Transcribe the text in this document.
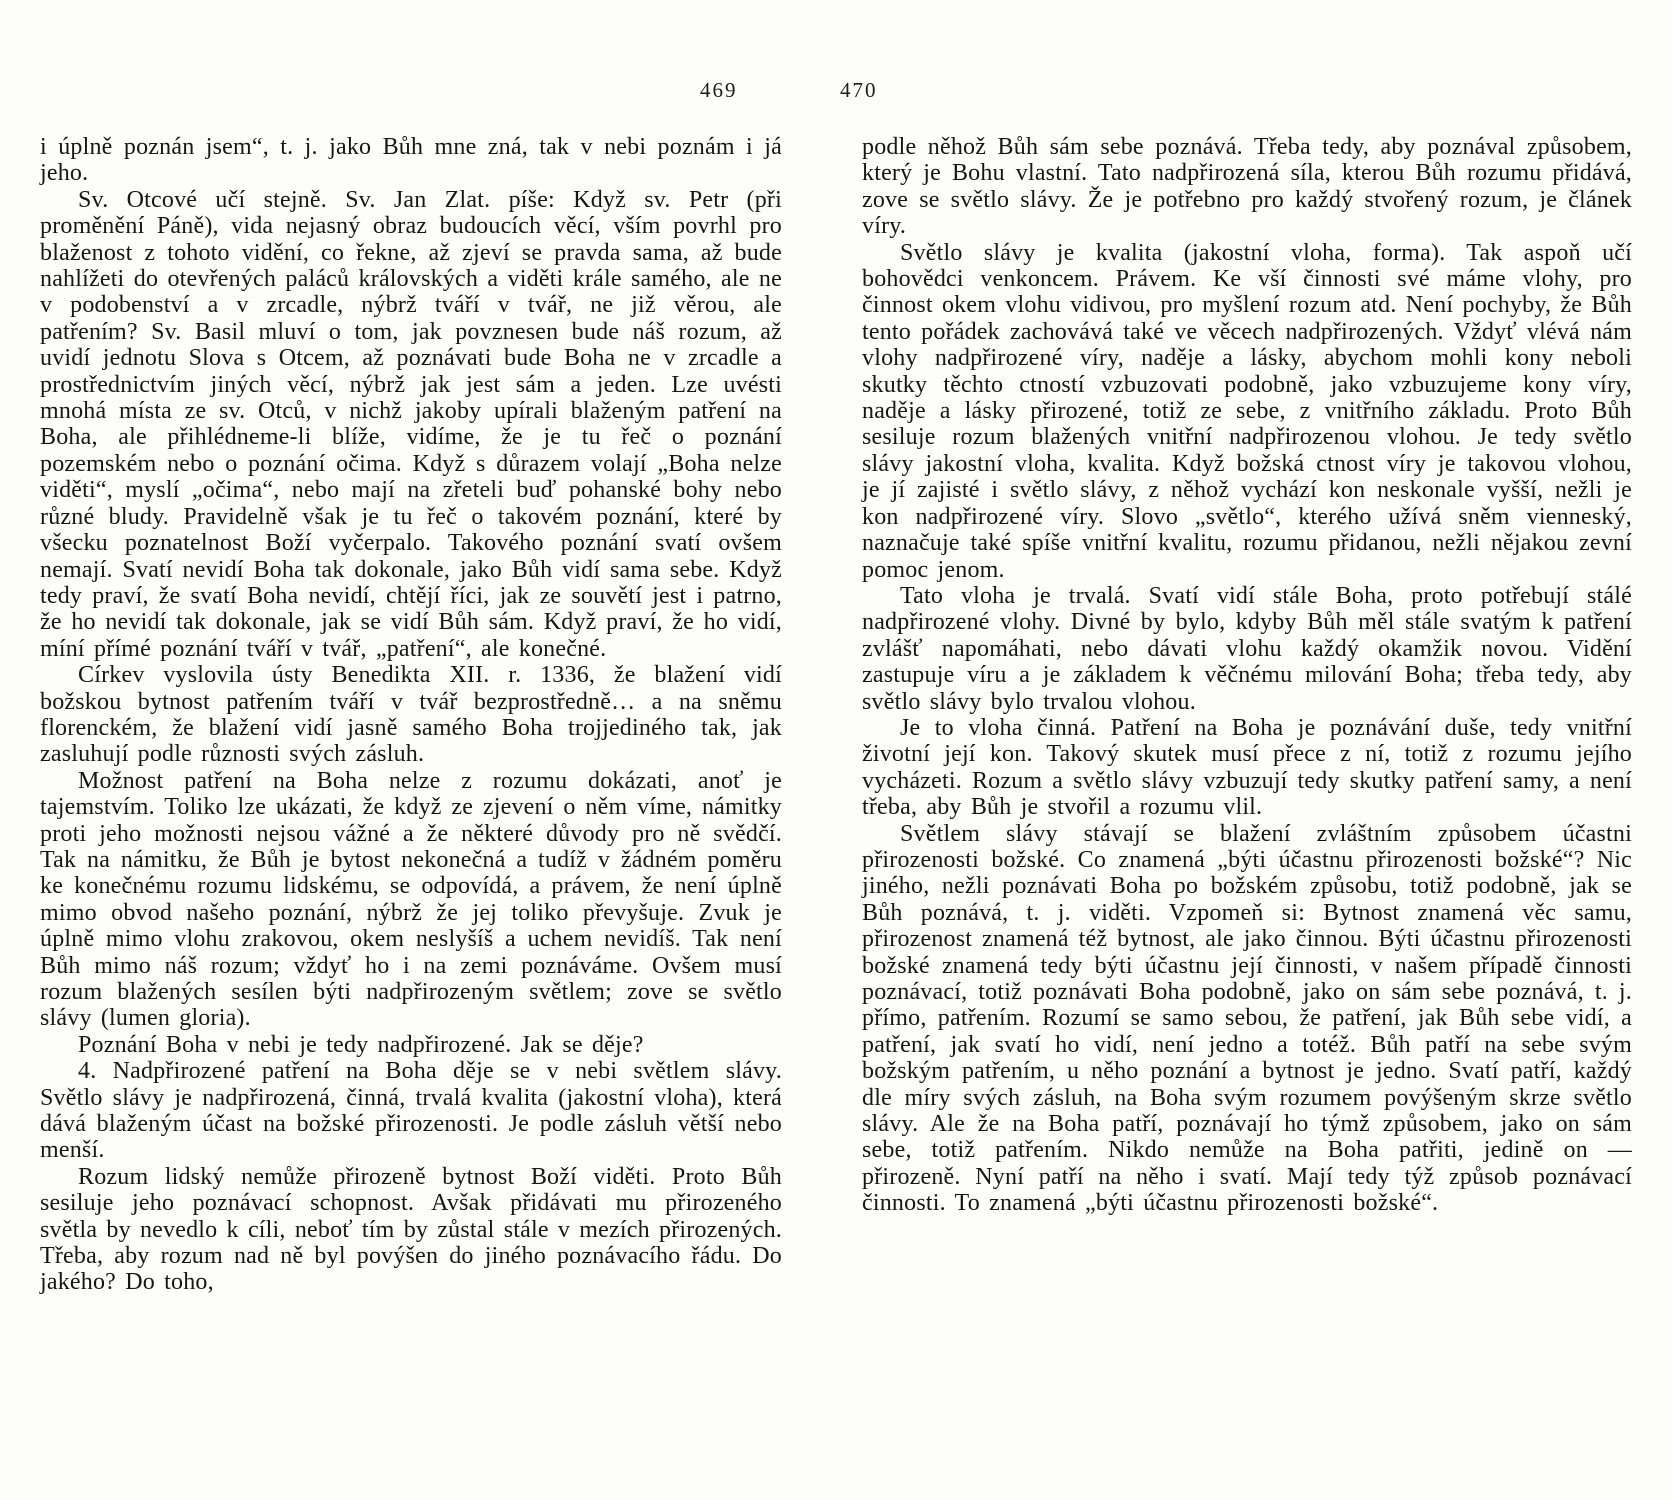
469	470

i úplně poznán jsem“, t. j. jako Bůh mne zná, tak v nebi poznám i já jeho.

Sv. Otcové učí stejně. Sv. Jan Zlat. píše: Když sv. Petr (při proměnění Páně), vida nejasný obraz budoucích věcí, vším povrhl pro blaženost z tohoto vidění, co řekne, až zjeví se pravda sama, až bude nahlížeti do otevřených paláců královských a viděti krále samého, ale ne v podobenství a v zrcadle, nýbrž tváří v tvář, ne již věrou, ale patřením? Sv. Basil mluví o tom, jak povznesen bude náš rozum, až uvidí jednotu Slova s Otcem, až poznávati bude Boha ne v zrcadle a prostřednictvím jiných věcí, nýbrž jak jest sám a jeden. Lze uvésti mnohá místa ze sv. Otců, v nichž jakoby upírali blaženým patření na Boha, ale přihlédneme-li blíže, vidíme, že je tu řeč o poznání pozemském nebo o poznání očima. Když s důrazem volají „Boha nelze viděti“, myslí „očima“, nebo mají na zřeteli buď pohanské bohy nebo různé bludy. Pravidelně však je tu řeč o takovém poznání, které by všecku poznatelnost Boží vyčerpalo. Takového poznání svatí ovšem nemají. Svatí nevidí Boha tak dokonale, jako Bůh vidí sama sebe. Když tedy praví, že svatí Boha nevidí, chtějí říci, jak ze souvětí jest i patrno, že ho nevidí tak dokonale, jak se vidí Bůh sám. Když praví, že ho vidí, míní přímé poznání tváří v tvář, „patření“, ale konečné.

Církev vyslovila ústy Benedikta XII. r. 1336, že blažení vidí božskou bytnost patřením tváří v tvář bezprostředně… a na sněmu florenckém, že blažení vidí jasně samého Boha trojjediného tak, jak zasluhují podle různosti svých zásluh.

Možnost patření na Boha nelze z rozumu dokázati, anoť je tajemstvím. Toliko lze ukázati, že když ze zjevení o něm víme, námitky proti jeho možnosti nejsou vážné a že některé důvody pro ně svědčí. Tak na námitku, že Bůh je bytost nekonečná a tudíž v žádném poměru ke konečnému rozumu lidskému, se odpovídá, a právem, že není úplně mimo obvod našeho poznání, nýbrž že jej toliko převyšuje. Zvuk je úplně mimo vlohu zrakovou, okem neslyšíš a uchem nevidíš. Tak není Bůh mimo náš rozum; vždyť ho i na zemi poznáváme. Ovšem musí rozum blažených sesílen býti nadpřirozeným světlem; zove se světlo slávy (lumen gloria).

Poznání Boha v nebi je tedy nadpřirozené. Jak se děje?

4. Nadpřirozené patření na Boha děje se v nebi světlem slávy. Světlo slávy je nadpřirozená, činná, trvalá kvalita (jakostní vloha), která dává blaženým účast na božské přirozenosti. Je podle zásluh větší nebo menší.

Rozum lidský nemůže přirozeně bytnost Boží viděti. Proto Bůh sesiluje jeho poznávací schopnost. Avšak přidávati mu přirozeného světla by nevedlo k cíli, neboť tím by zůstal stále v mezích přirozených. Třeba, aby rozum nad ně byl povýšen do jiného poznávacího řádu. Do jakého? Do toho,

podle něhož Bůh sám sebe poznává. Třeba tedy, aby poznával způsobem, který je Bohu vlastní. Tato nadpřirozená síla, kterou Bůh rozumu přidává, zove se světlo slávy. Že je potřebno pro každý stvořený rozum, je článek víry.

Světlo slávy je kvalita (jakostní vloha, forma). Tak aspoň učí bohovědci venkoncem. Právem. Ke vší činnosti své máme vlohy, pro činnost okem vlohu vidivou, pro myšlení rozum atd. Není pochyby, že Bůh tento pořádek zachovává také ve věcech nadpřirozených. Vždyť vlévá nám vlohy nadpřirozené víry, naděje a lásky, abychom mohli kony neboli skutky těchto ctností vzbuzovati podobně, jako vzbuzujeme kony víry, naděje a lásky přirozené, totiž ze sebe, z vnitřního základu. Proto Bůh sesiluje rozum blažených vnitřní nadpřirozenou vlohou. Je tedy světlo slávy jakostní vloha, kvalita. Když božská ctnost víry je takovou vlohou, je jí zajisté i světlo slávy, z něhož vychází kon neskonale vyšší, nežli je kon nadpřirozené víry. Slovo „světlo“, kterého užívá sněm vienneský, naznačuje také spíše vnitřní kvalitu, rozumu přidanou, nežli nějakou zevní pomoc jenom.

Tato vloha je trvalá. Svatí vidí stále Boha, proto potřebují stálé nadpřirozené vlohy. Divné by bylo, kdyby Bůh měl stále svatým k patření zvlášť napomáhati, nebo dávati vlohu každý okamžik novou. Vidění zastupuje víru a je základem k věčnému milování Boha; třeba tedy, aby světlo slávy bylo trvalou vlohou.

Je to vloha činná. Patření na Boha je poznávání duše, tedy vnitřní životní její kon. Takový skutek musí přece z ní, totiž z rozumu jejího vycházeti. Rozum a světlo slávy vzbuzují tedy skutky patření samy, a není třeba, aby Bůh je stvořil a rozumu vlil.

Světlem slávy stávají se blažení zvláštním způsobem účastni přirozenosti božské. Co znamená „býti účastnu přirozenosti božské“? Nic jiného, nežli poznávati Boha po božském způsobu, totiž podobně, jak se Bůh poznává, t. j. viděti. Vzpomeň si: Bytnost znamená věc samu, přirozenost znamená též bytnost, ale jako činnou. Býti účastnu přirozenosti božské znamená tedy býti účastnu její činnosti, v našem případě činnosti poznávací, totiž poznávati Boha podobně, jako on sám sebe poznává, t. j. přímo, patřením. Rozumí se samo sebou, že patření, jak Bůh sebe vidí, a patření, jak svatí ho vidí, není jedno a totéž. Bůh patří na sebe svým božským patřením, u něho poznání a bytnost je jedno. Svatí patří, každý dle míry svých zásluh, na Boha svým rozumem povýšeným skrze světlo slávy. Ale že na Boha patří, poznávají ho týmž způsobem, jako on sám sebe, totiž patřením. Nikdo nemůže na Boha patřiti, jedině on — přirozeně. Nyní patří na něho i svatí. Mají tedy týž způsob poznávací činnosti. To znamená „býti účastnu přirozenosti božské“.
